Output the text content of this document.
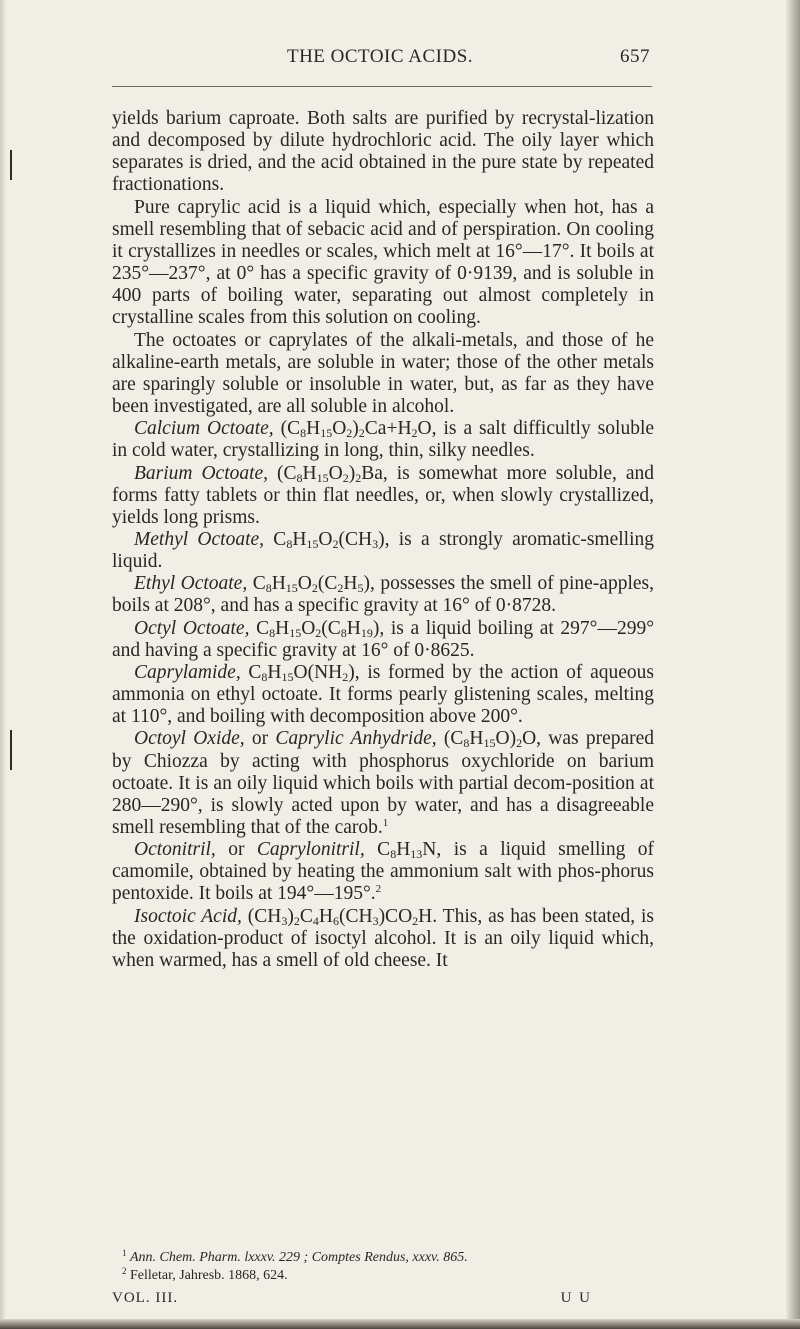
THE OCTOIC ACIDS.	657

yields barium caproate. Both salts are purified by recrystal-lization and decomposed by dilute hydrochloric acid. The oily layer which separates is dried, and the acid obtained in the pure state by repeated fractionations.

Pure caprylic acid is a liquid which, especially when hot, has a smell resembling that of sebacic acid and of perspiration. On cooling it crystallizes in needles or scales, which melt at 16°—17°. It boils at 235°—237°, at 0° has a specific gravity of 0·9139, and is soluble in 400 parts of boiling water, separating out almost completely in crystalline scales from this solution on cooling.

The octoates or caprylates of the alkali-metals, and those of he alkaline-earth metals, are soluble in water; those of the other metals are sparingly soluble or insoluble in water, but, as far as they have been investigated, are all soluble in alcohol.

Calcium Octoate, $(C_8H_{15}O_2)_2Ca+H_2O$, is a salt difficultly soluble in cold water, crystallizing in long, thin, silky needles.

Barium Octoate, $(C_8H_{15}O_2)_2Ba$, is somewhat more soluble, and forms fatty tablets or thin flat needles, or, when slowly crystallized, yields long prisms.

Methyl Octoate, $C_8H_{15}O_2(CH_3)$, is a strongly aromatic-smelling liquid.

Ethyl Octoate, $C_8H_{15}O_2(C_2H_5)$, possesses the smell of pine-apples, boils at 208°, and has a specific gravity at 16° of 0·8728.

Octyl Octoate, $C_8H_{15}O_2(C_8H_{19})$, is a liquid boiling at 297°—299° and having a specific gravity at 16° of 0·8625.

Caprylamide, $C_8H_{15}O(NH_2)$, is formed by the action of aqueous ammonia on ethyl octoate. It forms pearly glistening scales, melting at 110°, and boiling with decomposition above 200°.

Octoyl Oxide, or Caprylic Anhydride, $(C_8H_{15}O)_2O$, was prepared by Chiozza by acting with phosphorus oxychloride on barium octoate. It is an oily liquid which boils with partial decom-position at 280—290°, is slowly acted upon by water, and has a disagreeable smell resembling that of the carob.$^1$

Octonitril, or Caprylonitril, $C_8H_{13}N$, is a liquid smelling of camomile, obtained by heating the ammonium salt with phos-phorus pentoxide. It boils at 194°—195°.$^2$

Isoctoic Acid, $(CH_3)_2C_4H_6(CH_3)CO_2H$. This, as has been stated, is the oxidation-product of isoctyl alcohol. It is an oily liquid which, when warmed, has a smell of old cheese. It

$^1$ Ann. Chem. Pharm. lxxxv. 229 ; Comptes Rendus, xxxv. 865.

$^2$ Felletar, Jahresb. 1868, 624.

VOL. III.	U U
